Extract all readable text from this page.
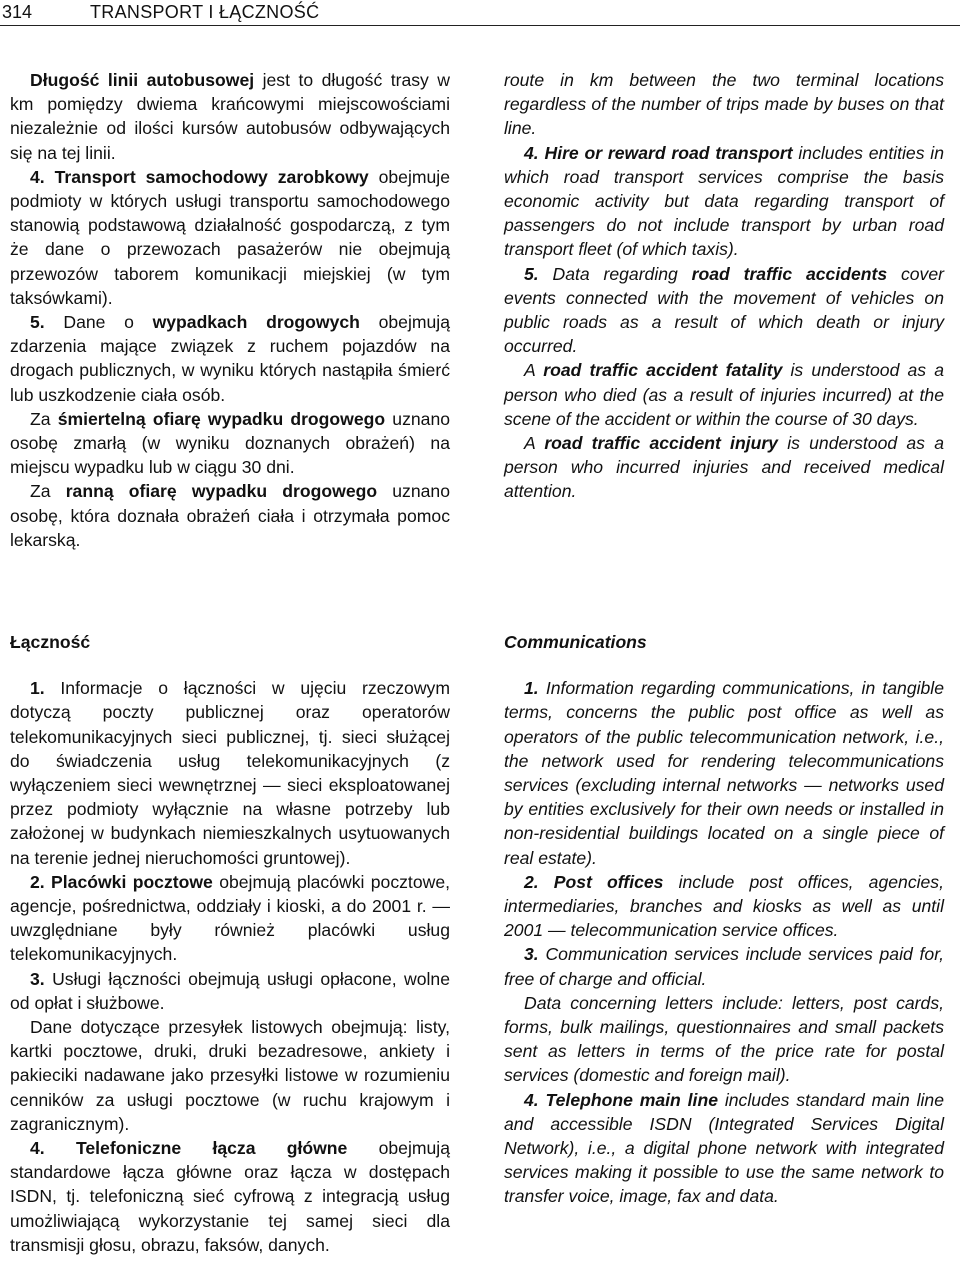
314	TRANSPORT I ŁĄCZNOŚĆ

Długość linii autobusowej jest to długość trasy w km pomiędzy dwiema krańcowymi miejscowościami niezależnie od ilości kursów autobusów odbywających się na tej linii.

4. Transport samochodowy zarobkowy obejmuje podmioty w których usługi transportu samochodowego stanowią podstawową działalność gospodarczą, z tym że dane o przewozach pasażerów nie obejmują przewozów taborem komunikacji miejskiej (w tym taksówkami).

5. Dane o wypadkach drogowych obejmują zdarzenia mające związek z ruchem pojazdów na drogach publicznych, w wyniku których nastąpiła śmierć lub uszkodzenie ciała osób.

Za śmiertelną ofiarę wypadku drogowego uznano osobę zmarłą (w wyniku doznanych obrażeń) na miejscu wypadku lub w ciągu 30 dni.

Za ranną ofiarę wypadku drogowego uznano osobę, która doznała obrażeń ciała i otrzymała pomoc lekarską.

route in km between the two terminal locations regardless of the number of trips made by buses on that line.

4. Hire or reward road transport includes entities in which road transport services comprise the basis economic activity but data regarding transport of passengers do not include transport by urban road transport fleet (of which taxis).

5. Data regarding road traffic accidents cover events connected with the movement of vehicles on public roads as a result of which death or injury occurred.

A road traffic accident fatality is understood as a person who died (as a result of injuries incurred) at the scene of the accident or within the course of 30 days.

A road traffic accident injury is understood as a person who incurred injuries and received medical attention.

Łączność

1. Informacje o łączności w ujęciu rzeczowym dotyczą poczty publicznej oraz operatorów telekomunikacyjnych sieci publicznej, tj. sieci służącej do świadczenia usług telekomunikacyjnych (z wyłączeniem sieci wewnętrznej — sieci eksploatowanej przez podmioty wyłącznie na własne potrzeby lub założonej w budynkach niemieszkalnych usytuowanych na terenie jednej nieruchomości gruntowej).

2. Placówki pocztowe obejmują placówki pocztowe, agencje, pośrednictwa, oddziały i kioski, a do 2001 r. — uwzględniane były również placówki usług telekomunikacyjnych.

3. Usługi łączności obejmują usługi opłacone, wolne od opłat i służbowe.

Dane dotyczące przesyłek listowych obejmują: listy, kartki pocztowe, druki, druki bezadresowe, ankiety i pakieciki nadawane jako przesyłki listowe w rozumieniu cenników za usługi pocztowe (w ruchu krajowym i zagranicznym).

4. Telefoniczne łącza główne obejmują standardowe łącza główne oraz łącza w dostępach ISDN, tj. telefoniczną sieć cyfrową z integracją usług umożliwiającą wykorzystanie tej samej sieci dla transmisji głosu, obrazu, faksów, danych.

Communications

1. Information regarding communications, in tangible terms, concerns the public post office as well as operators of the public telecommunication network, i.e., the network used for rendering telecommunications services (excluding internal networks — networks used by entities exclusively for their own needs or installed in non-residential buildings located on a single piece of real estate).

2. Post offices include post offices, agencies, intermediaries, branches and kiosks as well as until 2001 — telecommunication service offices.

3. Communication services include services paid for, free of charge and official.

Data concerning letters include: letters, post cards, forms, bulk mailings, questionnaires and small packets sent as letters in terms of the price rate for postal services (domestic and foreign mail).

4. Telephone main line includes standard main line and accessible ISDN (Integrated Services Digital Network), i.e., a digital phone network with integrated services making it possible to use the same network to transfer voice, image, fax and data.
